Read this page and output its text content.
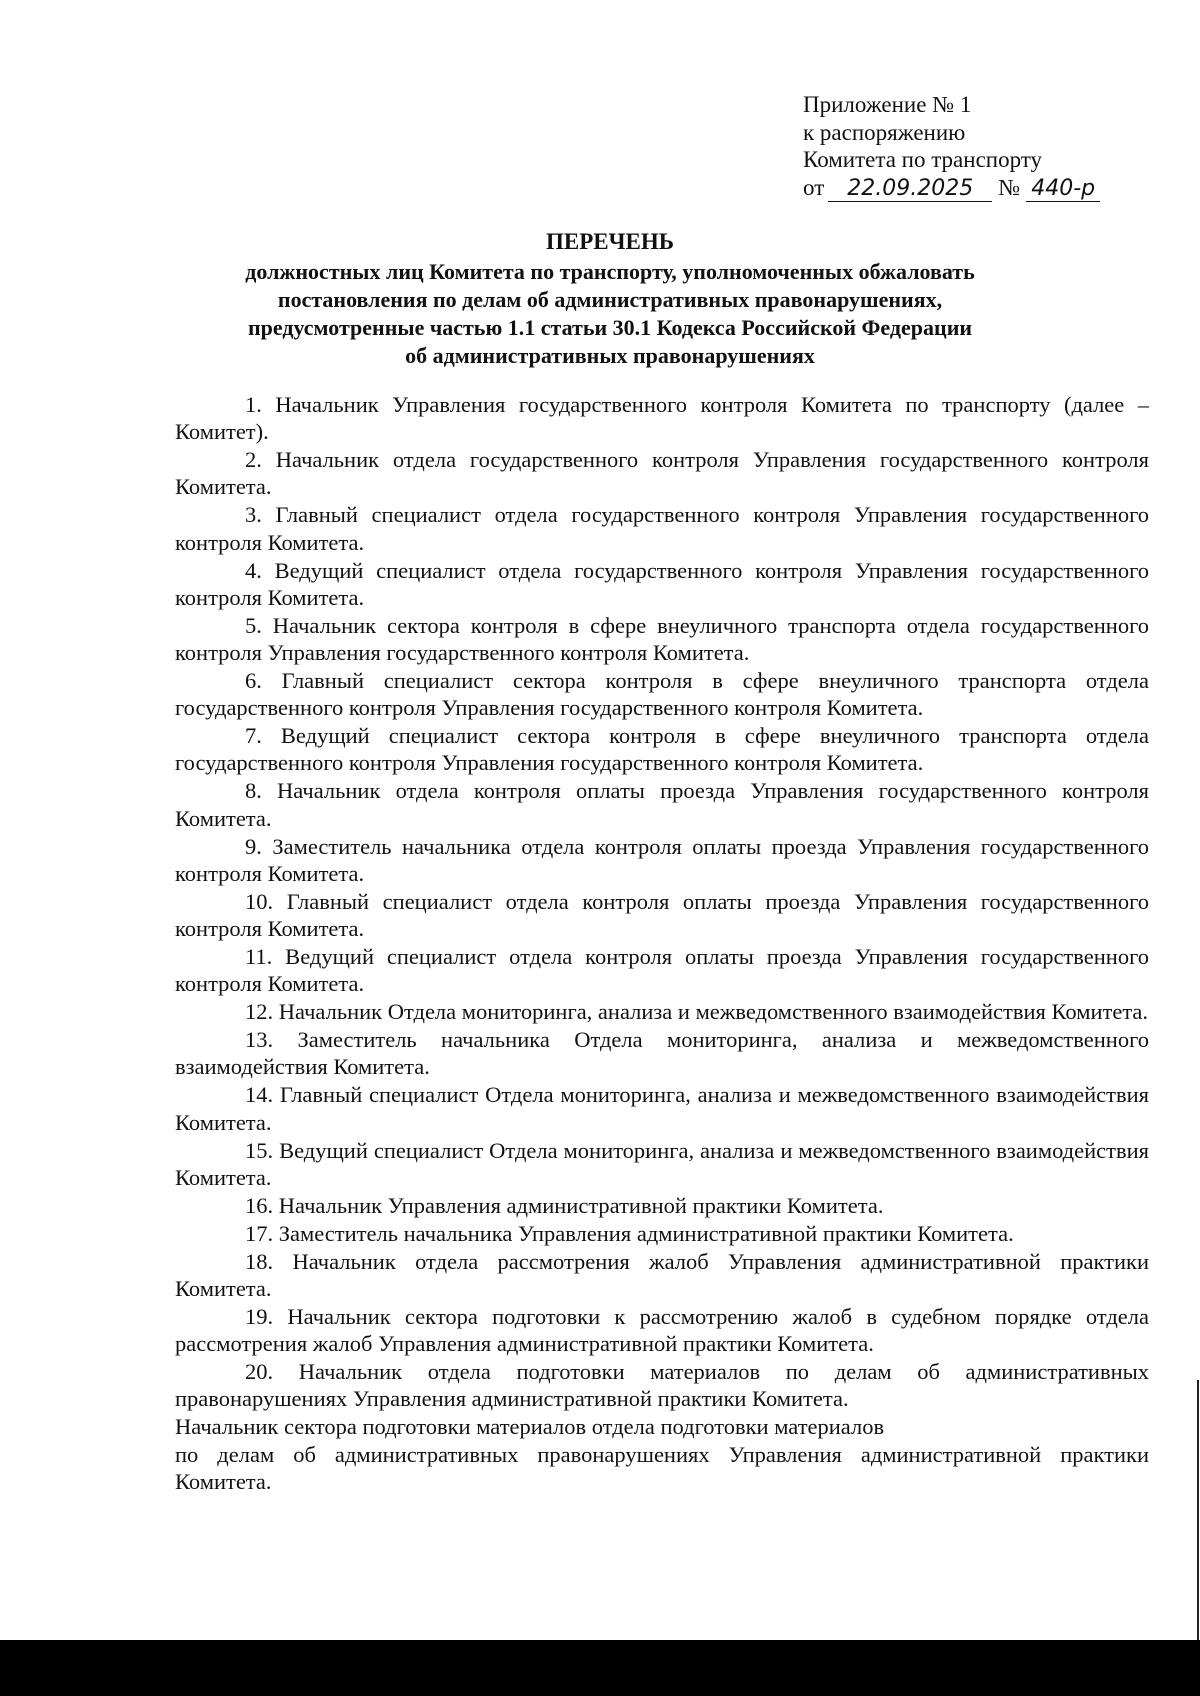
Приложение № 1
к распоряжению
Комитета по транспорту
от 22.09.2025 № 440-р
ПЕРЕЧЕНЬ
должностных лиц Комитета по транспорту, уполномоченных обжаловать
постановления по делам об административных правонарушениях,
предусмотренные частью 1.1 статьи 30.1 Кодекса Российской Федерации
об административных правонарушениях

1. Начальник Управления государственного контроля Комитета по транспорту (далее – Комитет).

2. Начальник отдела государственного контроля Управления государственного контроля Комитета.

3. Главный специалист отдела государственного контроля Управления государственного контроля Комитета.

4. Ведущий специалист отдела государственного контроля Управления государственного контроля Комитета.

5. Начальник сектора контроля в сфере внеуличного транспорта отдела государственного контроля Управления государственного контроля Комитета.

6. Главный специалист сектора контроля в сфере внеуличного транспорта отдела государственного контроля Управления государственного контроля Комитета.

7. Ведущий специалист сектора контроля в сфере внеуличного транспорта отдела государственного контроля Управления государственного контроля Комитета.

8. Начальник отдела контроля оплаты проезда Управления государственного контроля Комитета.

9. Заместитель начальника отдела контроля оплаты проезда Управления государственного контроля Комитета.

10. Главный специалист отдела контроля оплаты проезда Управления государственного контроля Комитета.

11. Ведущий специалист отдела контроля оплаты проезда Управления государственного контроля Комитета.

12. Начальник Отдела мониторинга, анализа и межведомственного взаимодействия Комитета.

13. Заместитель начальника Отдела мониторинга, анализа и межведомственного взаимодействия Комитета.

14. Главный специалист Отдела мониторинга, анализа и межведомственного взаимодействия Комитета.

15. Ведущий специалист Отдела мониторинга, анализа и межведомственного взаимодействия Комитета.

16. Начальник Управления административной практики Комитета.

17. Заместитель начальника Управления административной практики Комитета.

18. Начальник отдела рассмотрения жалоб Управления административной практики Комитета.

19. Начальник сектора подготовки к рассмотрению жалоб в судебном порядке отдела рассмотрения жалоб Управления административной практики Комитета.

20. Начальник отдела подготовки материалов по делам об административных правонарушениях Управления административной практики Комитета.

Начальник сектора подготовки материалов отдела подготовки материалов
по делам об административных правонарушениях Управления административной практики Комитета.
